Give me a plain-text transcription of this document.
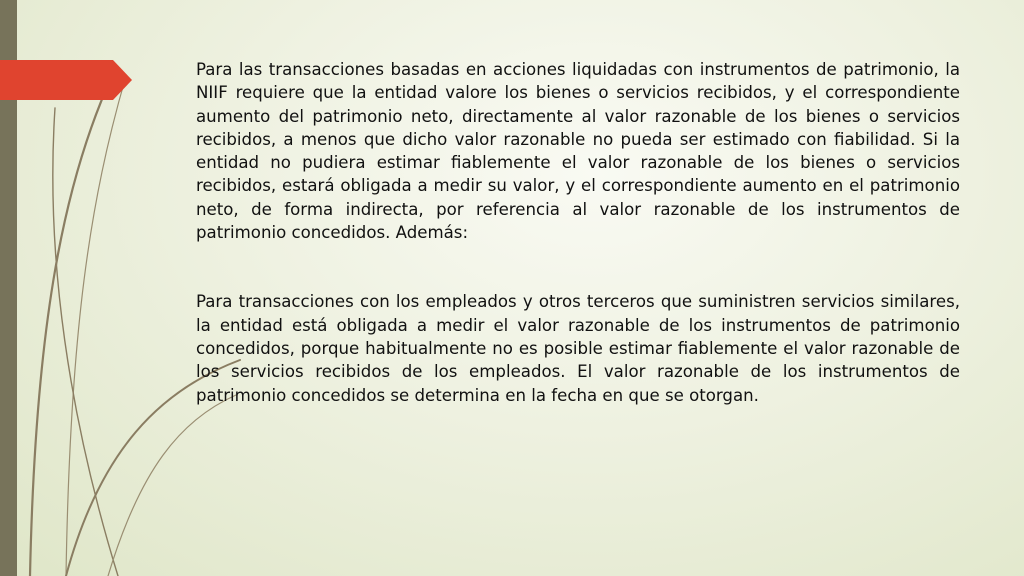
Para las transacciones basadas en acciones liquidadas con instrumentos de patrimonio, la NIIF requiere que la entidad valore los bienes o servicios recibidos, y el correspondiente aumento del patrimonio neto, directamente al valor razonable de los bienes o servicios recibidos, a menos que dicho valor razonable no pueda ser estimado con fiabilidad. Si la entidad no pudiera estimar fiablemente el valor razonable de los bienes o servicios recibidos, estará obligada a medir su valor, y el correspondiente aumento en el patrimonio neto, de forma indirecta, por referencia al valor razonable de los instrumentos de patrimonio concedidos. Además:

Para transacciones con los empleados y otros terceros que suministren servicios similares, la entidad está obligada a medir el valor razonable de los instrumentos de patrimonio concedidos, porque habitualmente no es posible estimar fiablemente el valor razonable de los servicios recibidos de los empleados. El valor razonable de los instrumentos de patrimonio concedidos se determina en la fecha en que se otorgan.
